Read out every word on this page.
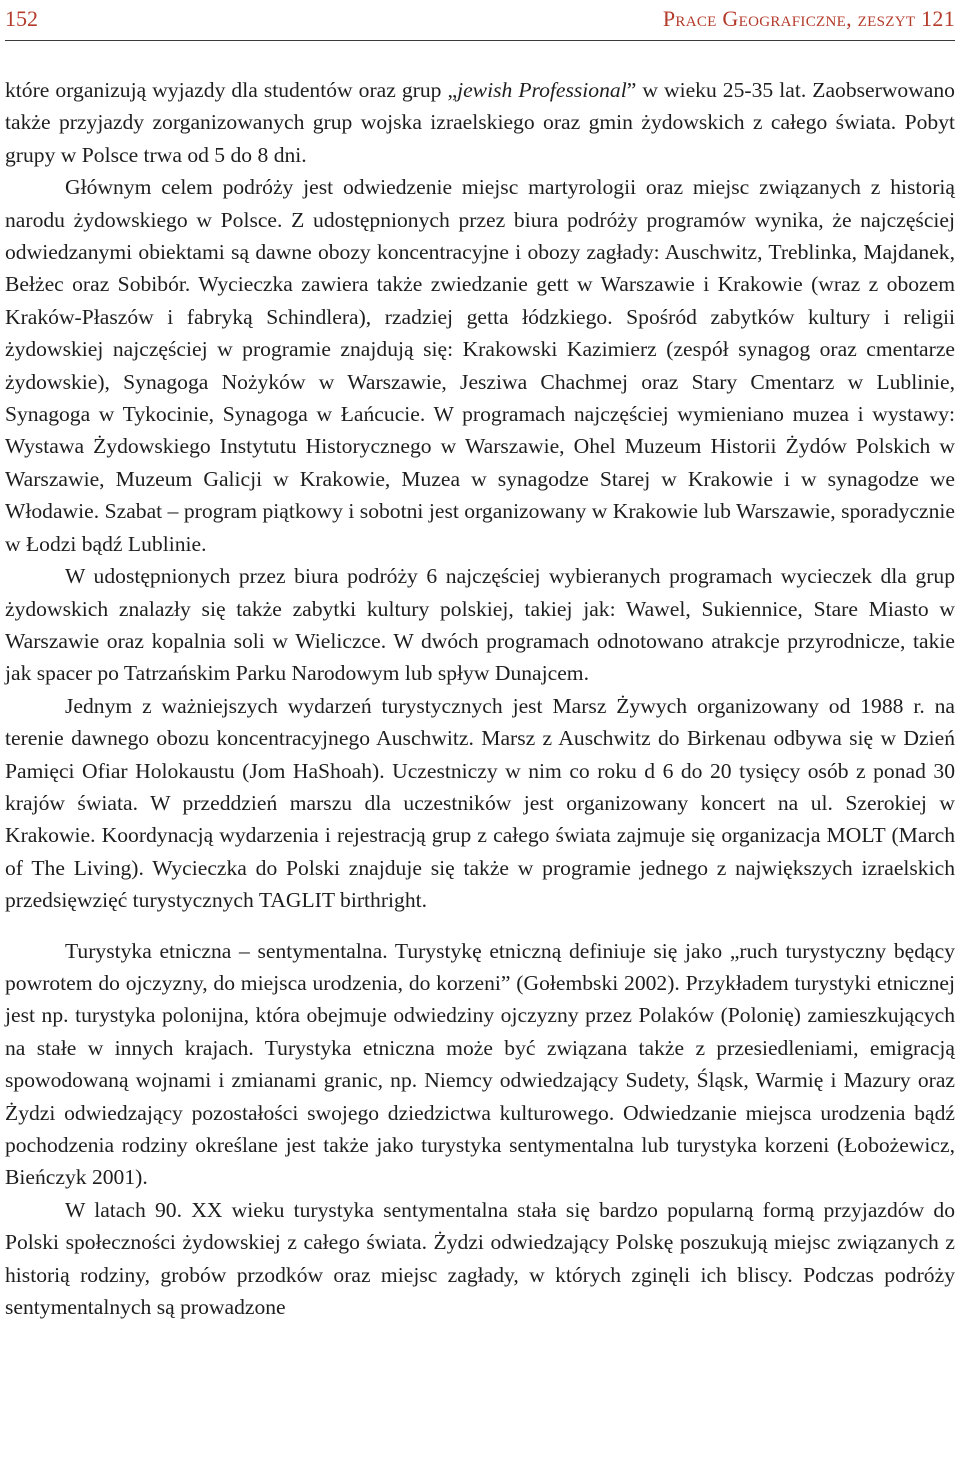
152	Prace Geograficzne, zeszyt 121

które organizują wyjazdy dla studentów oraz grup „jewish Professional” w wieku 25-35 lat. Zaobserwowano także przyjazdy zorganizowanych grup wojska izraelskiego oraz gmin żydowskich z całego świata. Pobyt grupy w Polsce trwa od 5 do 8 dni.

Głównym celem podróży jest odwiedzenie miejsc martyrologii oraz miejsc związanych z historią narodu żydowskiego w Polsce. Z udostępnionych przez biura podróży programów wynika, że najczęściej odwiedzanymi obiektami są dawne obozy koncentracyjne i obozy zagłady: Auschwitz, Treblinka, Majdanek, Bełżec oraz Sobibór. Wycieczka zawiera także zwiedzanie gett w Warszawie i Krakowie (wraz z obozem Kraków-Płaszów i fabryką Schindlera), rzadziej getta łódzkiego. Spośród zabytków kultury i religii żydowskiej najczęściej w programie znajdują się: Krakowski Kazimierz (zespół synagog oraz cmentarze żydowskie), Synagoga Nożyków w Warszawie, Jesziwa Chachmej oraz Stary Cmentarz w Lublinie, Synagoga w Tykocinie, Synagoga w Łańcucie. W programach najczęściej wymieniano muzea i wystawy: Wystawa Żydowskiego Instytutu Historycznego w Warszawie, Ohel Muzeum Historii Żydów Polskich w Warszawie, Muzeum Galicji w Krakowie, Muzea w synagodze Starej w Krakowie i w synagodze we Włodawie. Szabat – program piątkowy i sobotni jest organizowany w Krakowie lub Warszawie, sporadycznie w Łodzi bądź Lublinie.

W udostępnionych przez biura podróży 6 najczęściej wybieranych programach wycieczek dla grup żydowskich znalazły się także zabytki kultury polskiej, takiej jak: Wawel, Sukiennice, Stare Miasto w Warszawie oraz kopalnia soli w Wieliczce. W dwóch programach odnotowano atrakcje przyrodnicze, takie jak spacer po Tatrzańskim Parku Narodowym lub spływ Dunajcem.

Jednym z ważniejszych wydarzeń turystycznych jest Marsz Żywych organizowany od 1988 r. na terenie dawnego obozu koncentracyjnego Auschwitz. Marsz z Auschwitz do Birkenau odbywa się w Dzień Pamięci Ofiar Holokaustu (Jom HaShoah). Uczestniczy w nim co roku d 6 do 20 tysięcy osób z ponad 30 krajów świata. W przeddzień marszu dla uczestników jest organizowany koncert na ul. Szerokiej w Krakowie. Koordynacją wydarzenia i rejestracją grup z całego świata zajmuje się organizacja MOLT (March of The Living). Wycieczka do Polski znajduje się także w programie jednego z największych izraelskich przedsięwzięć turystycznych TAGLIT birthright.

Turystyka etniczna – sentymentalna. Turystykę etniczną definiuje się jako „ruch turystyczny będący powrotem do ojczyzny, do miejsca urodzenia, do korzeni” (Gołembski 2002). Przykładem turystyki etnicznej jest np. turystyka polonijna, która obejmuje odwiedziny ojczyzny przez Polaków (Polonię) zamieszkujących na stałe w innych krajach. Turystyka etniczna może być związana także z przesiedleniami, emigracją spowodowaną wojnami i zmianami granic, np. Niemcy odwiedzający Sudety, Śląsk, Warmię i Mazury oraz Żydzi odwiedzający pozostałości swojego dziedzictwa kulturowego. Odwiedzanie miejsca urodzenia bądź pochodzenia rodziny określane jest także jako turystyka sentymentalna lub turystyka korzeni (Łobożewicz, Bieńczyk 2001).

W latach 90. XX wieku turystyka sentymentalna stała się bardzo popularną formą przyjazdów do Polski społeczności żydowskiej z całego świata. Żydzi odwiedzający Polskę poszukują miejsc związanych z historią rodziny, grobów przodków oraz miejsc zagłady, w których zginęli ich bliscy. Podczas podróży sentymentalnych są prowadzone
